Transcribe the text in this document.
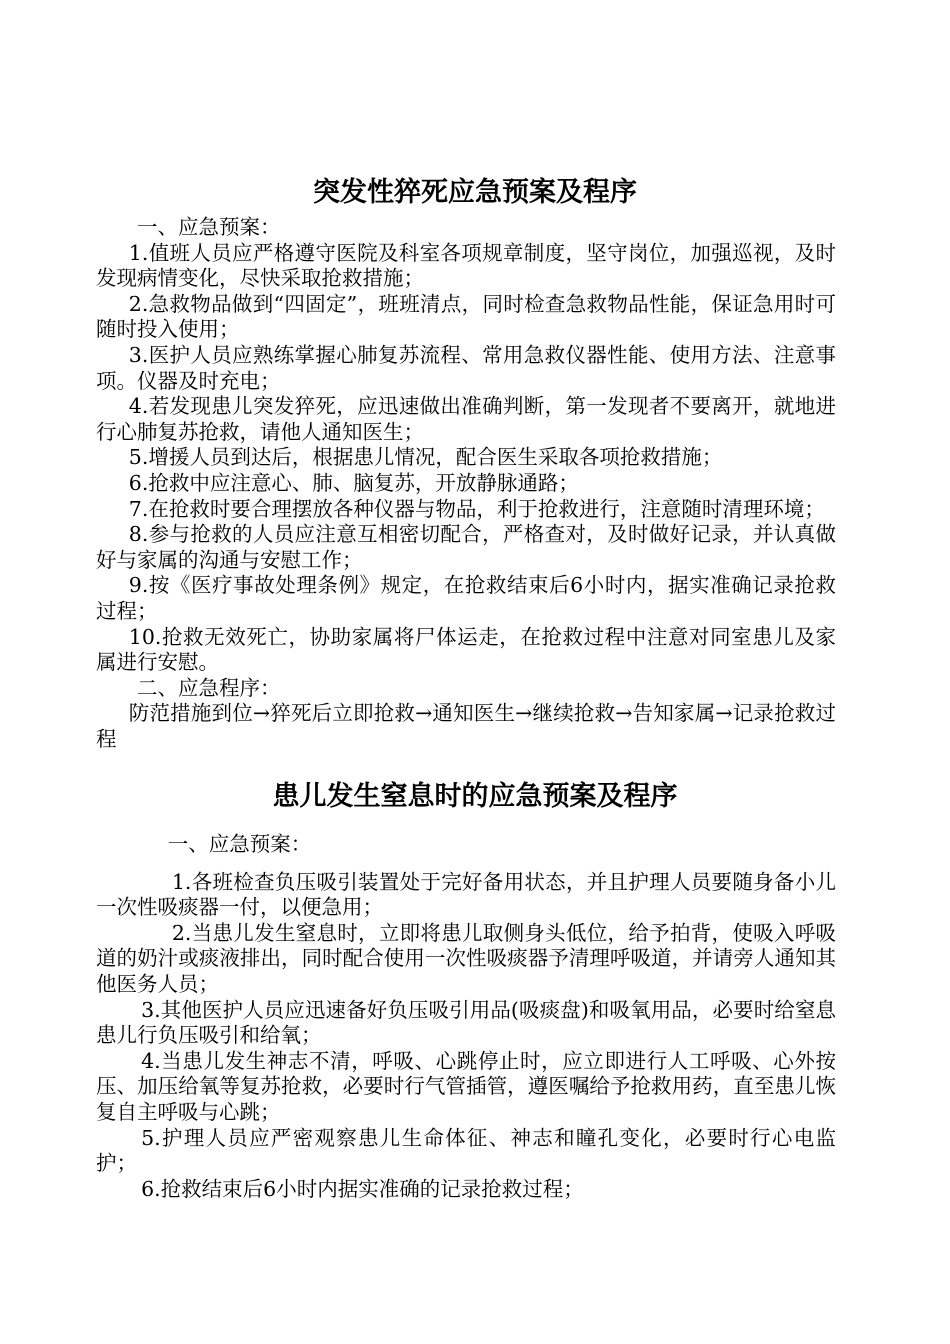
突发性猝死应急预案及程序

一、应急预案：

1.值班人员应严格遵守医院及科室各项规章制度，坚守岗位，加强巡视，及时发现病情变化，尽快采取抢救措施；

2.急救物品做到“四固定”，班班清点，同时检查急救物品性能，保证急用时可随时投入使用；

3.医护人员应熟练掌握心肺复苏流程、常用急救仪器性能、使用方法、注意事项。仪器及时充电；

4.若发现患儿突发猝死，应迅速做出准确判断，第一发现者不要离开，就地进行心肺复苏抢救，请他人通知医生；

5.增援人员到达后，根据患儿情况，配合医生采取各项抢救措施；

6.抢救中应注意心、肺、脑复苏，开放静脉通路；

7.在抢救时要合理摆放各种仪器与物品，利于抢救进行，注意随时清理环境；

8.参与抢救的人员应注意互相密切配合，严格查对，及时做好记录，并认真做好与家属的沟通与安慰工作；

9.按《医疗事故处理条例》规定，在抢救结束后6小时内，据实准确记录抢救过程；

10.抢救无效死亡，协助家属将尸体运走，在抢救过程中注意对同室患儿及家属进行安慰。

二、应急程序：

防范措施到位→猝死后立即抢救→通知医生→继续抢救→告知家属→记录抢救过程

患儿发生窒息时的应急预案及程序

一、应急预案：

1.各班检查负压吸引装置处于完好备用状态，并且护理人员要随身备小儿一次性吸痰器一付，以便急用；

2.当患儿发生窒息时，立即将患儿取侧身头低位，给予拍背，使吸入呼吸道的奶汁或痰液排出，同时配合使用一次性吸痰器予清理呼吸道，并请旁人通知其他医务人员；

3.其他医护人员应迅速备好负压吸引用品(吸痰盘)和吸氧用品，必要时给窒息患儿行负压吸引和给氧；

4.当患儿发生神志不清，呼吸、心跳停止时，应立即进行人工呼吸、心外按压、加压给氧等复苏抢救，必要时行气管插管，遵医嘱给予抢救用药，直至患儿恢复自主呼吸与心跳；

5.护理人员应严密观察患儿生命体征、神志和瞳孔变化，必要时行心电监护；

6.抢救结束后6小时内据实准确的记录抢救过程；
